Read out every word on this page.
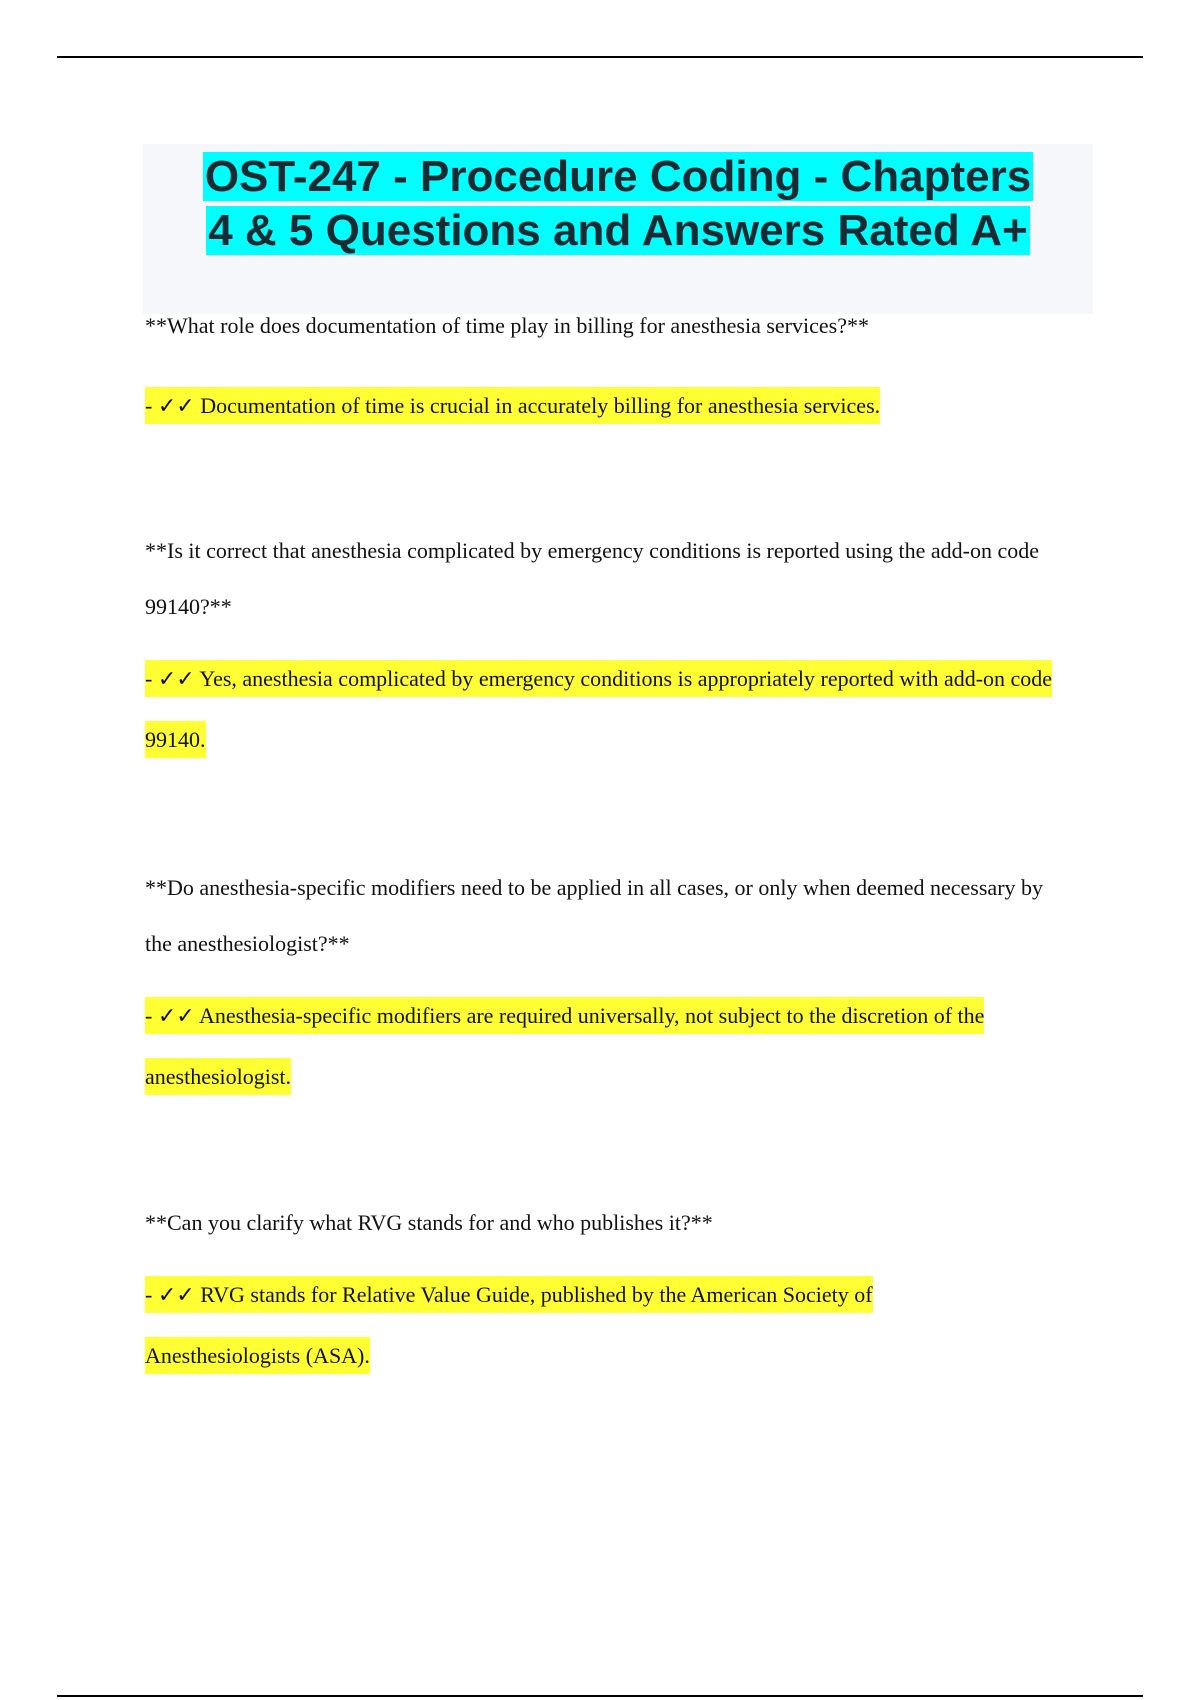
OST-247 - Procedure Coding - Chapters
4 & 5 Questions and Answers Rated A+

**What role does documentation of time play in billing for anesthesia services?**

- ✓✓ Documentation of time is crucial in accurately billing for anesthesia services.

**Is it correct that anesthesia complicated by emergency conditions is reported using the add-on code 99140?**

- ✓✓ Yes, anesthesia complicated by emergency conditions is appropriately reported with add-on code 99140.

**Do anesthesia-specific modifiers need to be applied in all cases, or only when deemed necessary by the anesthesiologist?**

- ✓✓ Anesthesia-specific modifiers are required universally, not subject to the discretion of the anesthesiologist.

**Can you clarify what RVG stands for and who publishes it?**

- ✓✓ RVG stands for Relative Value Guide, published by the American Society of Anesthesiologists (ASA).
